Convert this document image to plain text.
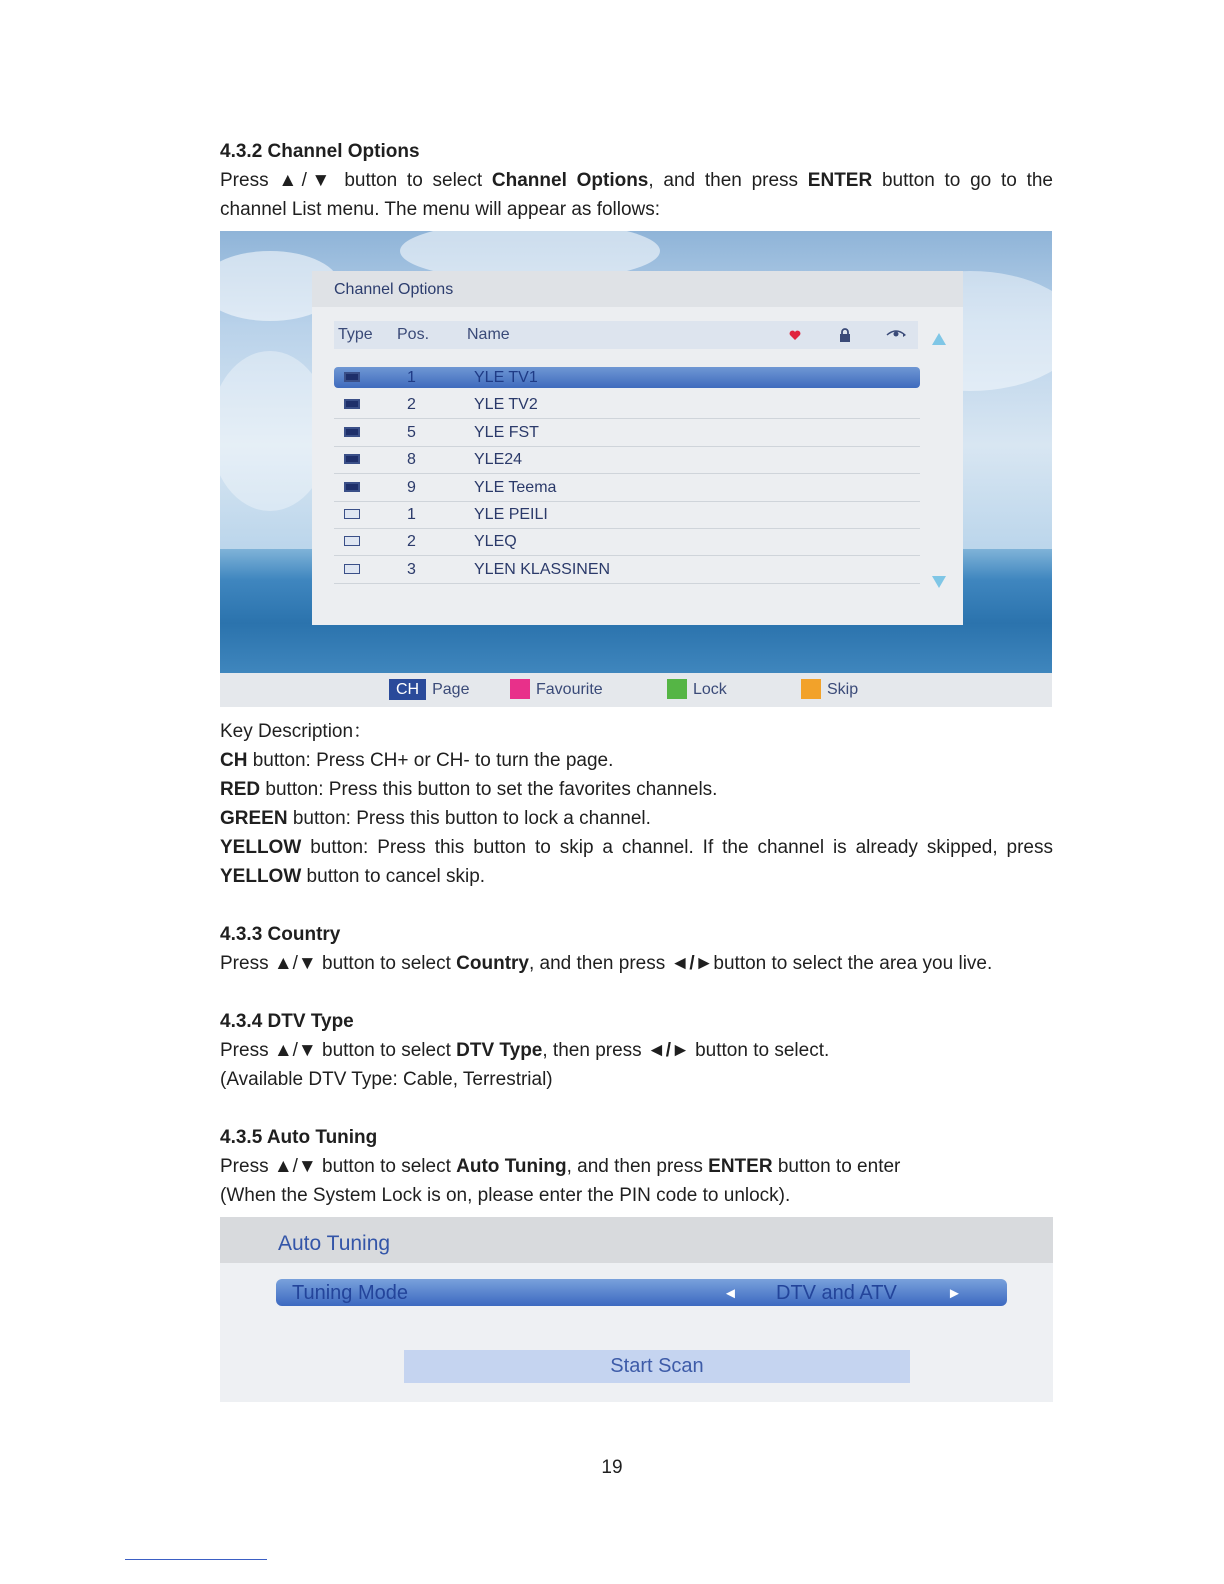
4.3.2 Channel Options
Press ▲/▼ button to select Channel Options, and then press ENTER button to go to the
channel List menu. The menu will appear as follows:
Channel Options
Type Pos. Name
1	YLE TV1
2	YLE TV2
5	YLE FST
8	YLE24
9	YLE Teema
1	YLE PEILI
2	YLEQ
3	YLEN KLASSINEN
CH Page	Favourite	Lock	Skip
Key Description：
CH button: Press CH+ or CH- to turn the page.
RED button: Press this button to set the favorites channels.
GREEN button: Press this button to lock a channel.
YELLOW button: Press this button to skip a channel. If the channel is already skipped, press
YELLOW button to cancel skip.
4.3.3 Country
Press ▲/▼ button to select Country, and then press ◄/►button to select the area you live.
4.3.4 DTV Type
Press ▲/▼ button to select DTV Type, then press ◄/► button to select.
(Available DTV Type: Cable, Terrestrial)
4.3.5 Auto Tuning
Press ▲/▼ button to select Auto Tuning, and then press ENTER button to enter
(When the System Lock is on, please enter the PIN code to unlock).
Auto Tuning
Tuning Mode	◄ DTV and ATV	►
Start Scan
19
